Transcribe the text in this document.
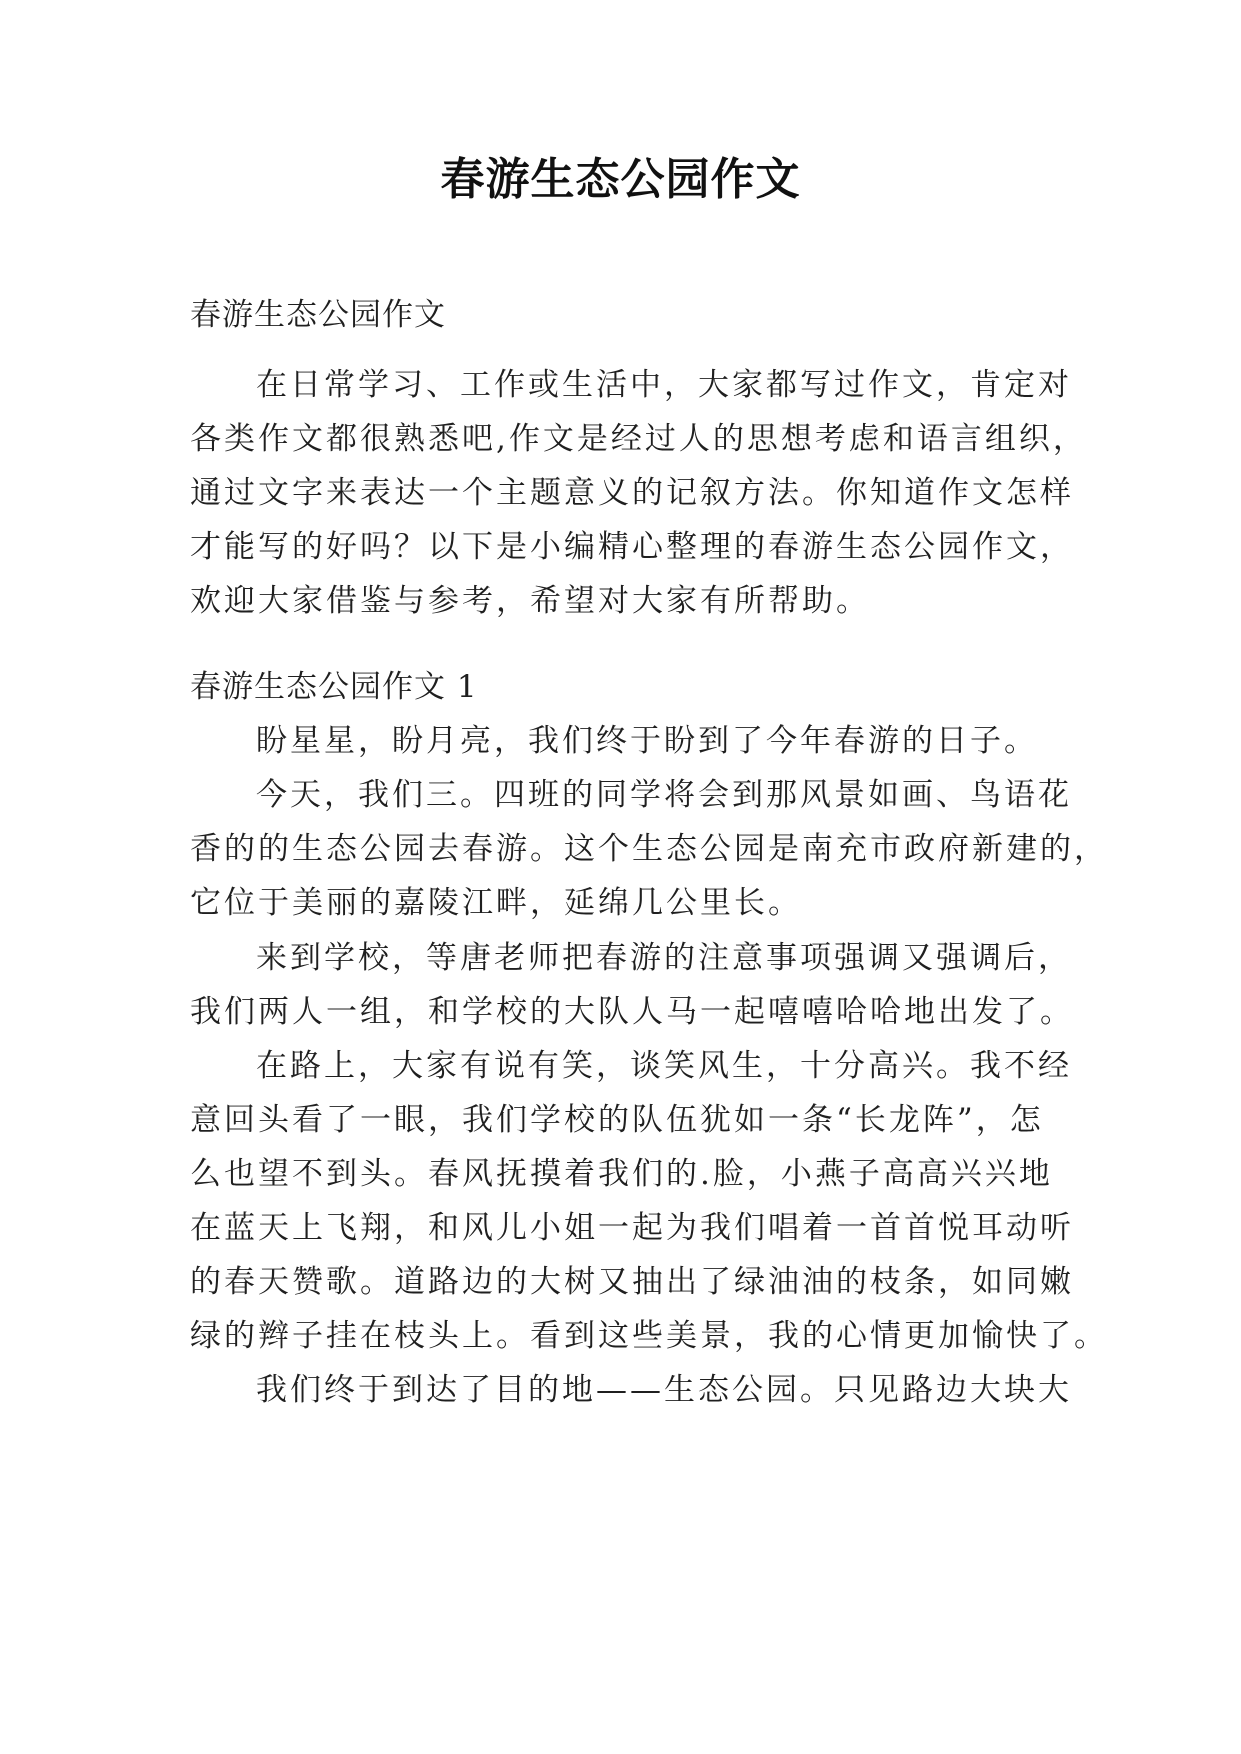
春游生态公园作文
春游生态公园作文
在日常学习、工作或生活中，大家都写过作文，肯定对
各类作文都很熟悉吧,作文是经过人的思想考虑和语言组织，
通过文字来表达一个主题意义的记叙方法。你知道作文怎样
才能写的好吗？以下是小编精心整理的春游生态公园作文，
欢迎大家借鉴与参考，希望对大家有所帮助。
春游生态公园作文 1
盼星星，盼月亮，我们终于盼到了今年春游的日子。
今天，我们三。四班的同学将会到那风景如画、鸟语花
香的的生态公园去春游。这个生态公园是南充市政府新建的，
它位于美丽的嘉陵江畔，延绵几公里长。
来到学校，等唐老师把春游的注意事项强调又强调后，
我们两人一组，和学校的大队人马一起嘻嘻哈哈地出发了。
在路上，大家有说有笑，谈笑风生，十分高兴。我不经
意回头看了一眼，我们学校的队伍犹如一条“长龙阵”，怎
么也望不到头。春风抚摸着我们的.脸，小燕子高高兴兴地
在蓝天上飞翔，和风儿小姐一起为我们唱着一首首悦耳动听
的春天赞歌。道路边的大树又抽出了绿油油的枝条，如同嫩
绿的辫子挂在枝头上。看到这些美景，我的心情更加愉快了。
我们终于到达了目的地——生态公园。只见路边大块大
